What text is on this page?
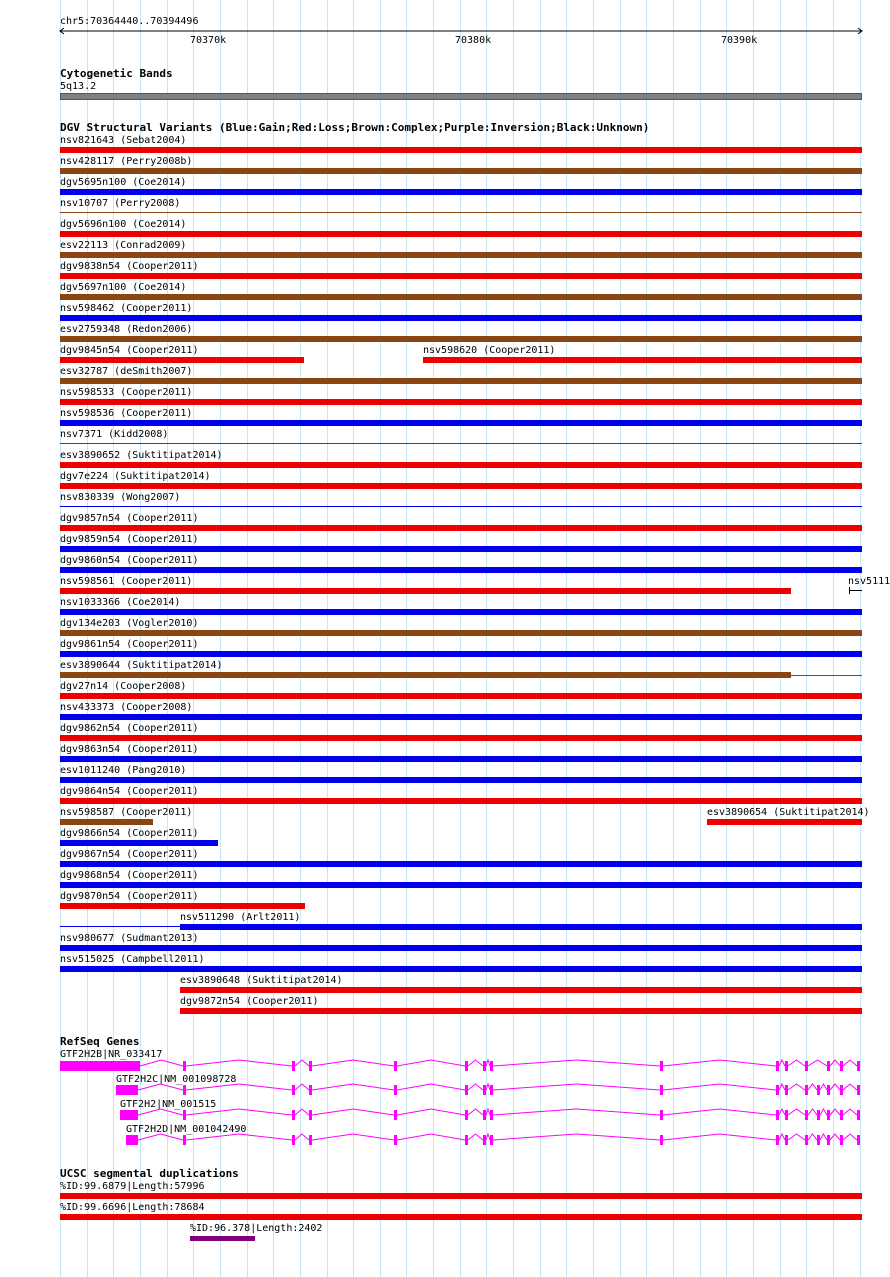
chr5:70364440..70394496
70370k	70380k	70390k
Cytogenetic Bands
5q13.2
DGV Structural Variants (Blue:Gain;Red:Loss;Brown:Complex;Purple:Inversion;Black:Unknown)
nsv821643 (Sebat2004)
nsv428117 (Perry2008b)
dgv5695n100 (Coe2014)
nsv10707 (Perry2008)
dgv5696n100 (Coe2014)
esv22113 (Conrad2009)
dgv9838n54 (Cooper2011)
dgv5697n100 (Coe2014)
nsv598462 (Cooper2011)
esv2759348 (Redon2006)
dgv9845n54 (Cooper2011)
esv32787 (deSmith2007)
nsv598533 (Cooper2011)
nsv598536 (Cooper2011)
nsv7371 (Kidd2008)
esv3890652 (Suktitipat2014)
dgv7e224 (Suktitipat2014)
nsv830339 (Wong2007)
dgv9857n54 (Cooper2011)
dgv9859n54 (Cooper2011)
dgv9860n54 (Cooper2011)
nsv598561 (Cooper2011)
nsv1033366 (Coe2014)
dgv134e203 (Vogler2010)
dgv9861n54 (Cooper2011)
esv3890644 (Suktitipat2014)
dgv27n14 (Cooper2008)
nsv433373 (Cooper2008)
dgv9862n54 (Cooper2011)
dgv9863n54 (Cooper2011)
esv1011240 (Pang2010)
dgv9864n54 (Cooper2011)
nsv598587 (Cooper2011)
dgv9866n54 (Cooper2011)
dgv9867n54 (Cooper2011)
dgv9868n54 (Cooper2011)
dgv9870n54 (Cooper2011)
nsv511290 (Arlt2011)
nsv980677 (Sudmant2013)
nsv515025 (Campbell2011)
esv3890648 (Suktitipat2014)
dgv9872n54 (Cooper2011)
nsv598620 (Cooper2011)
nsv5111
esv3890654 (Suktitipat2014)
RefSeq Genes
GTF2H2B|NR_033417
GTF2H2C|NM_001098728
GTF2H2|NM_001515
GTF2H2D|NM_001042490
UCSC segmental duplications
%ID:99.6879|Length:57996
%ID:99.6696|Length:78684
%ID:96.378|Length:2402
